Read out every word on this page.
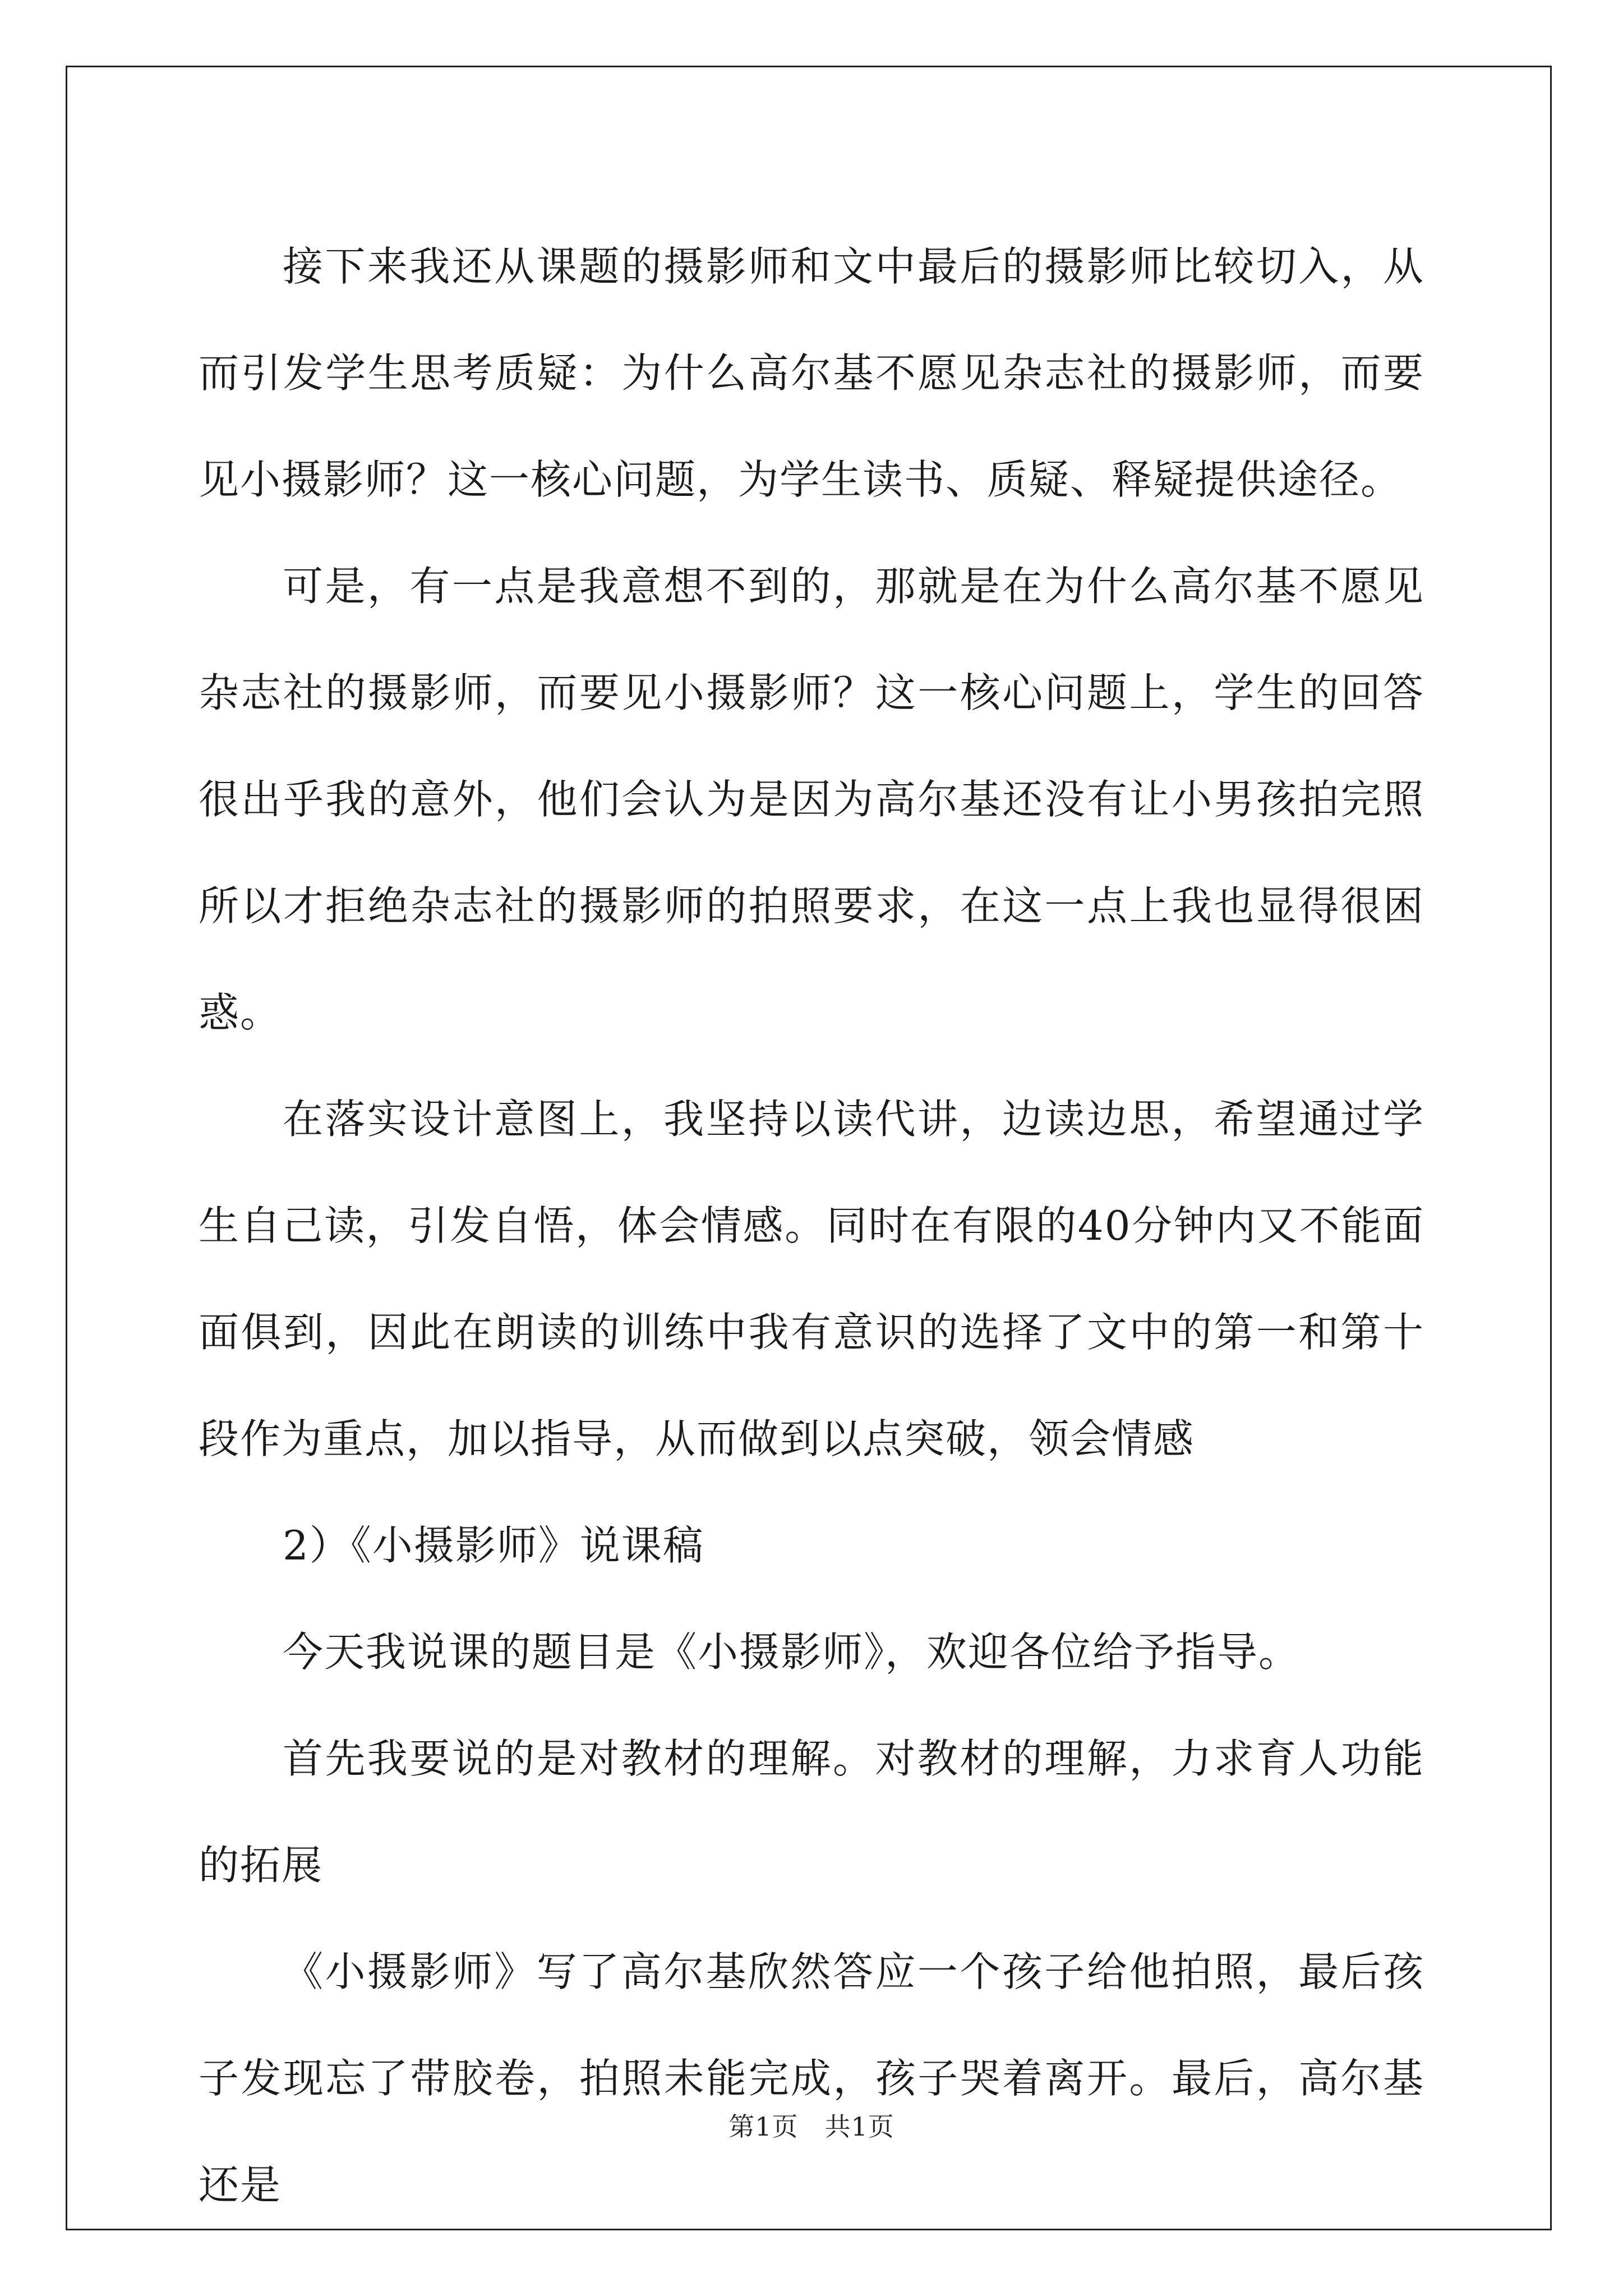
接下来我还从课题的摄影师和文中最后的摄影师比较切入，从而引发学生思考质疑：为什么高尔基不愿见杂志社的摄影师，而要见小摄影师？这一核心问题，为学生读书、质疑、释疑提供途径。

可是，有一点是我意想不到的，那就是在为什么高尔基不愿见杂志社的摄影师，而要见小摄影师？这一核心问题上，学生的回答很出乎我的意外，他们会认为是因为高尔基还没有让小男孩拍完照所以才拒绝杂志社的摄影师的拍照要求，在这一点上我也显得很困惑。

在落实设计意图上，我坚持以读代讲，边读边思，希望通过学生自己读，引发自悟，体会情感。同时在有限的40分钟内又不能面面俱到，因此在朗读的训练中我有意识的选择了文中的第一和第十段作为重点，加以指导，从而做到以点突破，领会情感

2）《小摄影师》说课稿

今天我说课的题目是《小摄影师》，欢迎各位给予指导。

首先我要说的是对教材的理解。对教材的理解，力求育人功能的拓展

《小摄影师》写了高尔基欣然答应一个孩子给他拍照，最后孩子发现忘了带胶卷，拍照未能完成，孩子哭着离开。最后，高尔基还是

第1页　共1页
